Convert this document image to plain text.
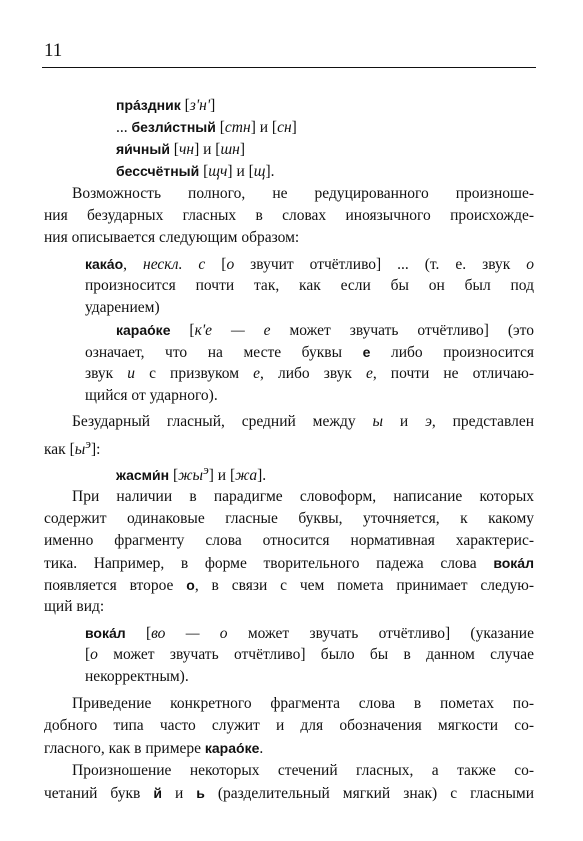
11
пра́здник [з'н']
... безли́стный [стн] и [сн]
яи́чный [чн] и [шн]
бессчётный [щч] и [щ].
Возможность полного, не редуцированного произноше-
ния безударных гласных в словах иноязычного происхожде-
ния описывается следующим образом:
кака́о, нескл. с [о звучит отчётливо] ... (т. е. звук о
произносится почти так, как если бы он был под
ударением)
карао́ке [к'е — е может звучать отчётливо] (это
означает, что на месте буквы е либо произносится
звук и с призвуком е, либо звук е, почти не отличаю-
щийся от ударного).
Безударный гласный, средний между ы и э, представлен
как $[ы^э]$:
жасми́н $[жы^э]$ и [жа].
При наличии в парадигме словоформ, написание которых
содержит одинаковые гласные буквы, уточняется, к какому
именно фрагменту слова относится нормативная характерис-
тика. Например, в форме творительного падежа слова вока́л
появляется второе о, в связи с чем помета принимает следую-
щий вид:
вока́л [во — о может звучать отчётливо] (указание
[о может звучать отчётливо] было бы в данном случае
некорректным).
Приведение конкретного фрагмента слова в пометах по-
добного типа часто служит и для обозначения мягкости со-
гласного, как в примере карао́ке.
Произношение некоторых стечений гласных, а также со-
четаний букв й и ь (разделительный мягкий знак) с гласными
